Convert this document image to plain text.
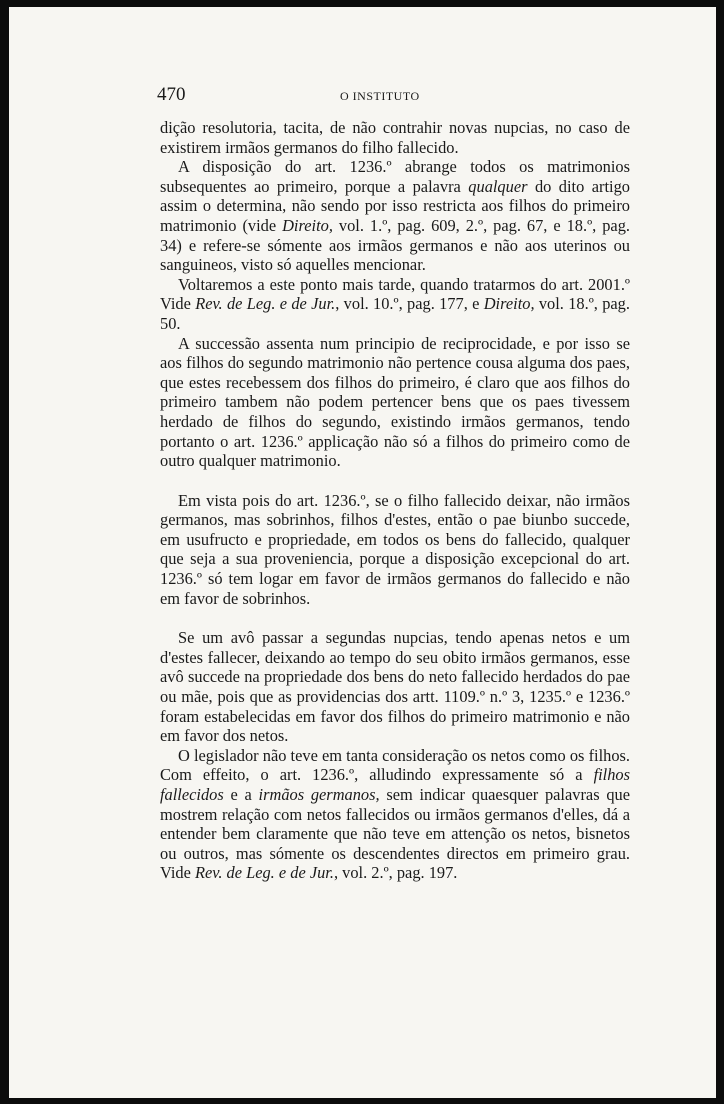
470	O INSTITUTO

dição resolutoria, tacita, de não contrahir novas nupcias, no caso de existirem irmãos germanos do filho fallecido.

A disposição do art. 1236.º abrange todos os matrimonios subsequentes ao primeiro, porque a palavra qualquer do dito artigo assim o determina, não sendo por isso restricta aos filhos do primeiro matrimonio (vide Direito, vol. 1.º, pag. 609, 2.º, pag. 67, e 18.º, pag. 34) e refere-se sómente aos irmãos germanos e não aos uterinos ou sanguineos, visto só aquelles mencionar.

Voltaremos a este ponto mais tarde, quando tratarmos do art. 2001.º Vide Rev. de Leg. e de Jur., vol. 10.º, pag. 177, e Direito, vol. 18.º, pag. 50.

A successão assenta num principio de reciprocidade, e por isso se aos filhos do segundo matrimonio não pertence cousa alguma dos paes, que estes recebessem dos filhos do primeiro, é claro que aos filhos do primeiro tambem não podem pertencer bens que os paes tivessem herdado de filhos do segundo, existindo irmãos germanos, tendo portanto o art. 1236.º applicação não só a filhos do primeiro como de outro qualquer matrimonio.

Em vista pois do art. 1236.º, se o filho fallecido deixar, não irmãos germanos, mas sobrinhos, filhos d'estes, então o pae biunbo succede, em usufructo e propriedade, em todos os bens do fallecido, qualquer que seja a sua proveniencia, porque a disposição excepcional do art. 1236.º só tem logar em favor de irmãos germanos do fallecido e não em favor de sobrinhos.

Se um avô passar a segundas nupcias, tendo apenas netos e um d'estes fallecer, deixando ao tempo do seu obito irmãos germanos, esse avô succede na propriedade dos bens do neto fallecido herdados do pae ou mãe, pois que as providencias dos artt. 1109.º n.º 3, 1235.º e 1236.º foram estabelecidas em favor dos filhos do primeiro matrimonio e não em favor dos netos.

O legislador não teve em tanta consideração os netos como os filhos. Com effeito, o art. 1236.º, alludindo expressamente só a filhos fallecidos e a irmãos germanos, sem indicar quaesquer palavras que mostrem relação com netos fallecidos ou irmãos germanos d'elles, dá a entender bem claramente que não teve em attenção os netos, bisnetos ou outros, mas sómente os descendentes directos em primeiro grau. Vide Rev. de Leg. e de Jur., vol. 2.º, pag. 197.
